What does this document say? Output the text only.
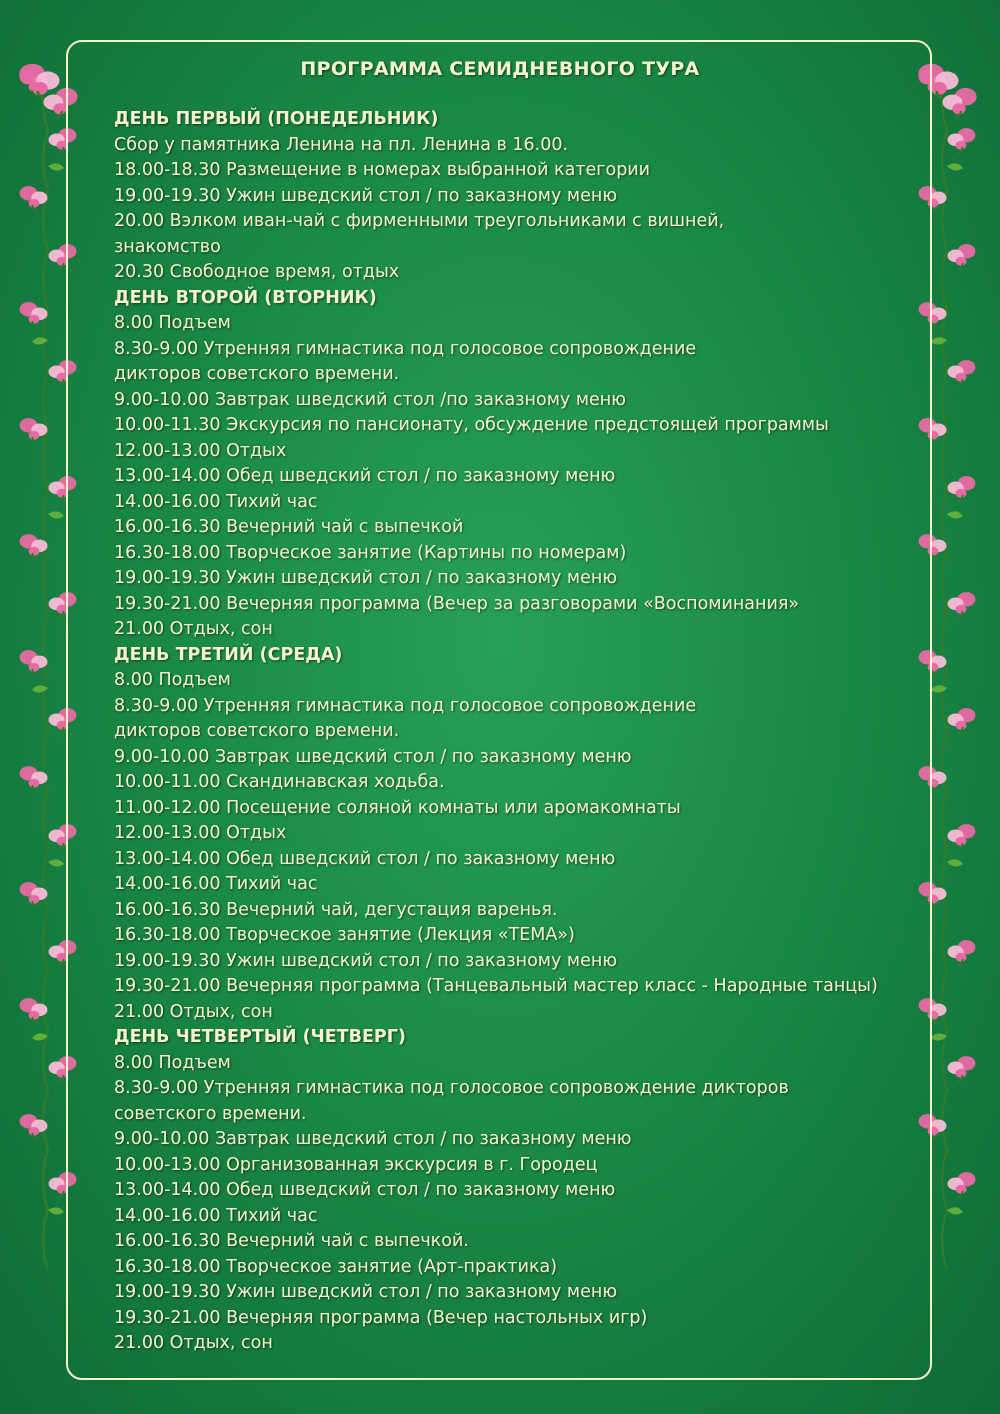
ПРОГРАММА СЕМИДНЕВНОГО ТУРА
ДЕНЬ ПЕРВЫЙ (ПОНЕДЕЛЬНИК)
Сбор у памятника Ленина на пл. Ленина в 16.00.
18.00-18.30 Размещение в номерах выбранной категории
19.00-19.30 Ужин шведский стол / по заказному меню
20.00 Вэлком иван-чай с фирменными треугольниками с вишней,
знакомство
20.30 Свободное время, отдых
ДЕНЬ ВТОРОЙ (ВТОРНИК)
8.00 Подъем
8.30-9.00 Утренняя гимнастика под голосовое сопровождение
дикторов советского времени.
9.00-10.00 Завтрак шведский стол /по заказному меню
10.00-11.30 Экскурсия по пансионату, обсуждение предстоящей программы
12.00-13.00 Отдых
13.00-14.00 Обед шведский стол / по заказному меню
14.00-16.00 Тихий час
16.00-16.30 Вечерний чай с выпечкой
16.30-18.00 Творческое занятие (Картины по номерам)
19.00-19.30 Ужин шведский стол / по заказному меню
19.30-21.00 Вечерняя программа (Вечер за разговорами «Воспоминания»
21.00 Отдых, сон
ДЕНЬ ТРЕТИЙ (СРЕДА)
8.00 Подъем
8.30-9.00 Утренняя гимнастика под голосовое сопровождение
дикторов советского времени.
9.00-10.00 Завтрак шведский стол / по заказному меню
10.00-11.00 Скандинавская ходьба.
11.00-12.00 Посещение соляной комнаты или аромакомнаты
12.00-13.00 Отдых
13.00-14.00 Обед шведский стол / по заказному меню
14.00-16.00 Тихий час
16.00-16.30 Вечерний чай, дегустация варенья.
16.30-18.00 Творческое занятие (Лекция «ТЕМА»)
19.00-19.30 Ужин шведский стол / по заказному меню
19.30-21.00 Вечерняя программа (Танцевальный мастер класс - Народные танцы)
21.00 Отдых, сон
ДЕНЬ ЧЕТВЕРТЫЙ (ЧЕТВЕРГ)
8.00 Подъем
8.30-9.00 Утренняя гимнастика под голосовое сопровождение дикторов
советского времени.
9.00-10.00 Завтрак шведский стол / по заказному меню
10.00-13.00 Организованная экскурсия в г. Городец
13.00-14.00 Обед шведский стол / по заказному меню
14.00-16.00 Тихий час
16.00-16.30 Вечерний чай с выпечкой.
16.30-18.00 Творческое занятие (Арт-практика)
19.00-19.30 Ужин шведский стол / по заказному меню
19.30-21.00 Вечерняя программа (Вечер настольных игр)
21.00 Отдых, сон
